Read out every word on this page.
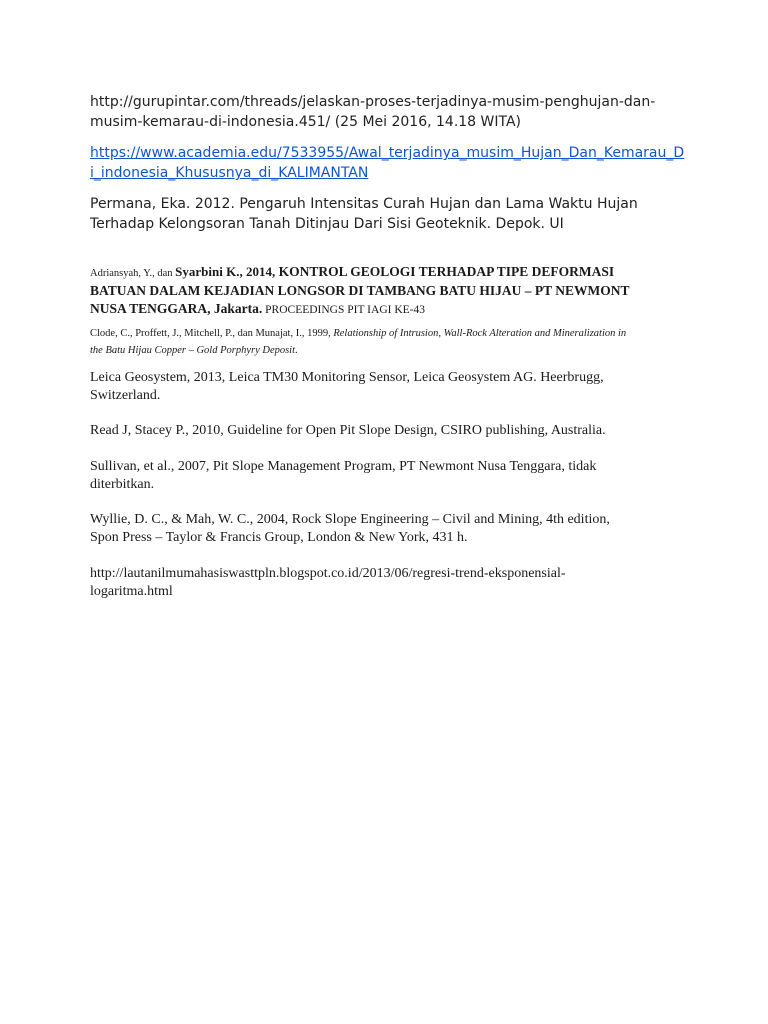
http://gurupintar.com/threads/jelaskan-proses-terjadinya-musim-penghujan-dan-
musim-kemarau-di-indonesia.451/ (25 Mei 2016, 14.18 WITA)

https://www.academia.edu/7533955/Awal_terjadinya_musim_Hujan_Dan_Kemarau_D
i_indonesia_Khususnya_di_KALIMANTAN

Permana, Eka. 2012. Pengaruh Intensitas Curah Hujan dan Lama Waktu Hujan
Terhadap Kelongsoran Tanah Ditinjau Dari Sisi Geoteknik. Depok. UI

Adriansyah, Y., dan Syarbini K., 2014, KONTROL GEOLOGI TERHADAP TIPE DEFORMASI
BATUAN DALAM KEJADIAN LONGSOR DI TAMBANG BATU HIJAU – PT NEWMONT
NUSA TENGGARA, Jakarta. PROCEEDINGS PIT IAGI KE-43

Clode, C., Proffett, J., Mitchell, P., dan Munajat, I., 1999, Relationship of Intrusion, Wall-Rock Alteration and Mineralization in
the Batu Hijau Copper – Gold Porphyry Deposit.

Leica Geosystem, 2013, Leica TM30 Monitoring Sensor, Leica Geosystem AG. Heerbrugg,
Switzerland.

Read J, Stacey P., 2010, Guideline for Open Pit Slope Design, CSIRO publishing, Australia.

Sullivan, et al., 2007, Pit Slope Management Program, PT Newmont Nusa Tenggara, tidak
diterbitkan.

Wyllie, D. C., & Mah, W. C., 2004, Rock Slope Engineering – Civil and Mining, 4th edition,
Spon Press – Taylor & Francis Group, London & New York, 431 h.

http://lautanilmumahasiswasttpln.blogspot.co.id/2013/06/regresi-trend-eksponensial-
logaritma.html
